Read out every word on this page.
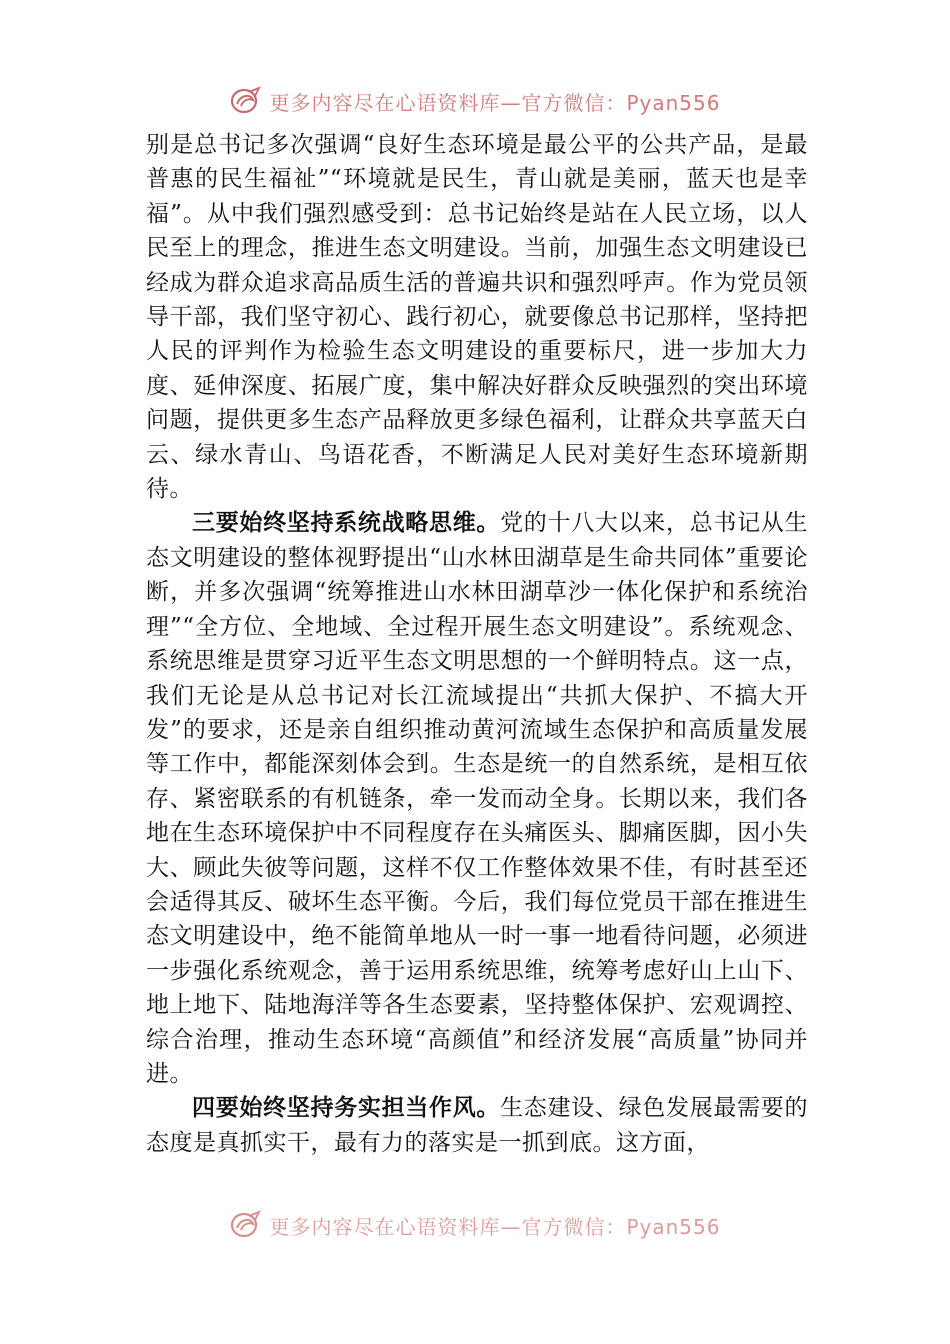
更多内容尽在心语资料库—官方微信：Pyan556

别是总书记多次强调“良好生态环境是最公平的公共产品，是最普惠的民生福祉”“环境就是民生，青山就是美丽，蓝天也是幸福”。从中我们强烈感受到：总书记始终是站在人民立场，以人民至上的理念，推进生态文明建设。当前，加强生态文明建设已经成为群众追求高品质生活的普遍共识和强烈呼声。作为党员领导干部，我们坚守初心、践行初心，就要像总书记那样，坚持把人民的评判作为检验生态文明建设的重要标尺，进一步加大力度、延伸深度、拓展广度，集中解决好群众反映强烈的突出环境问题，提供更多生态产品释放更多绿色福利，让群众共享蓝天白云、绿水青山、鸟语花香，不断满足人民对美好生态环境新期待。

三要始终坚持系统战略思维。党的十八大以来，总书记从生态文明建设的整体视野提出“山水林田湖草是生命共同体”重要论断，并多次强调“统筹推进山水林田湖草沙一体化保护和系统治理”“全方位、全地域、全过程开展生态文明建设”。系统观念、系统思维是贯穿习近平生态文明思想的一个鲜明特点。这一点，我们无论是从总书记对长江流域提出“共抓大保护、不搞大开发”的要求，还是亲自组织推动黄河流域生态保护和高质量发展等工作中，都能深刻体会到。生态是统一的自然系统，是相互依存、紧密联系的有机链条，牵一发而动全身。长期以来，我们各地在生态环境保护中不同程度存在头痛医头、脚痛医脚，因小失大、顾此失彼等问题，这样不仅工作整体效果不佳，有时甚至还会适得其反、破坏生态平衡。今后，我们每位党员干部在推进生态文明建设中，绝不能简单地从一时一事一地看待问题，必须进一步强化系统观念，善于运用系统思维，统筹考虑好山上山下、地上地下、陆地海洋等各生态要素，坚持整体保护、宏观调控、综合治理，推动生态环境“高颜值”和经济发展“高质量”协同并进。

四要始终坚持务实担当作风。生态建设、绿色发展最需要的态度是真抓实干，最有力的落实是一抓到底。这方面，

更多内容尽在心语资料库—官方微信：Pyan556
